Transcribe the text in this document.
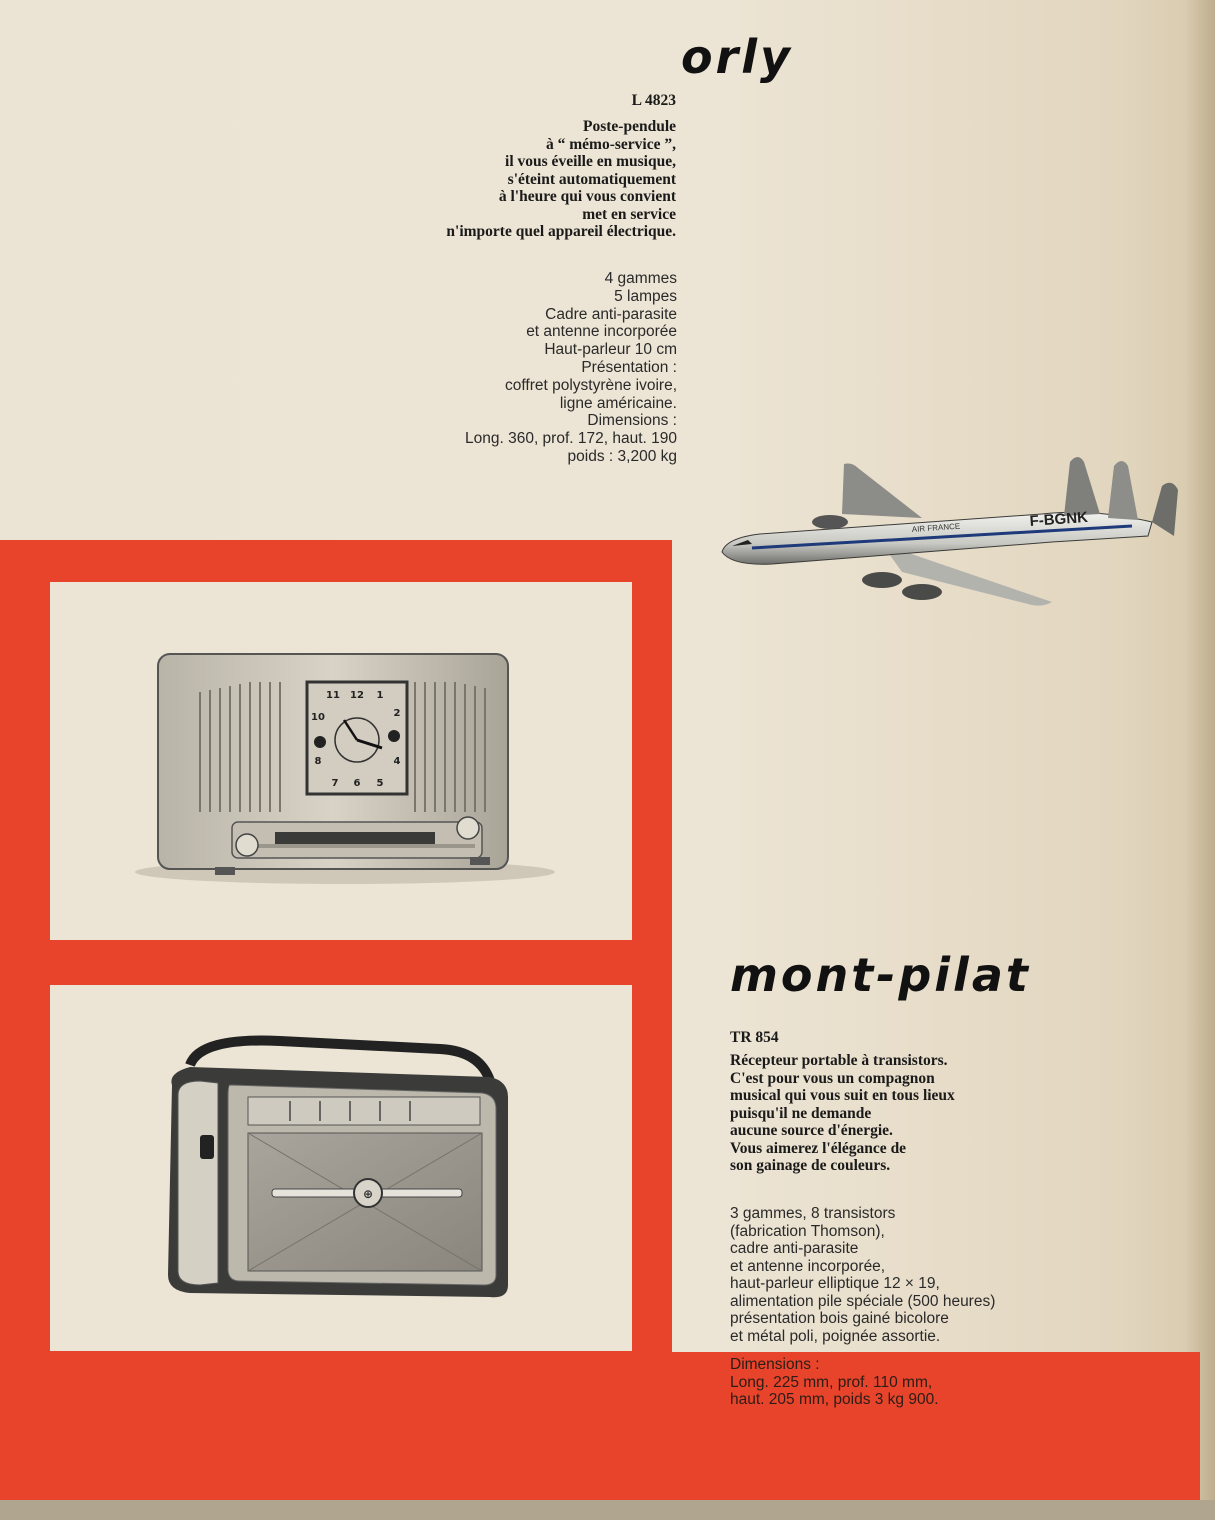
orly

L 4823

Poste-pendule
à “ mémo-service ”,
il vous éveille en musique,
s'éteint automatiquement
à l'heure qui vous convient
met en service
n'importe quel appareil électrique.

4 gammes
5 lampes
Cadre anti-parasite
et antenne incorporée
Haut-parleur 10 cm
Présentation :
coffret polystyrène ivoire,
ligne américaine.
Dimensions :
Long. 360, prof. 172, haut. 190
poids : 3,200 kg

AIR FRANCE	F-BGNK
11 12 1
2
10
4
7 6 5
8
⊕
mont-pilat

TR 854

Récepteur portable à transistors.
C'est pour vous un compagnon
musical qui vous suit en tous lieux
puisqu'il ne demande
aucune source d'énergie.
Vous aimerez l'élégance de
son gainage de couleurs.

3 gammes, 8 transistors
(fabrication Thomson),
cadre anti-parasite
et antenne incorporée,
haut-parleur elliptique 12 × 19,
alimentation pile spéciale (500 heures)
présentation bois gainé bicolore
et métal poli, poignée assortie.

Dimensions :
Long. 225 mm, prof. 110 mm,
haut. 205 mm, poids 3 kg 900.
